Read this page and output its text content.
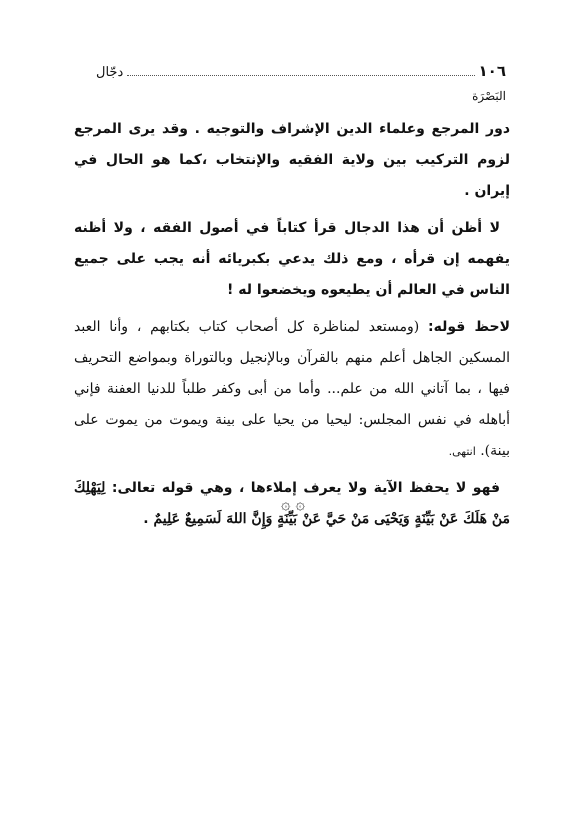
١٠٦
دجّال
البَصْرَة

دور المرجع وعلماء الدين الإشراف والتوجيه . وقد يرى المرجع لزوم التركيب بين ولاية الفقيه والإنتخاب ،كما هو الحال في إيران .

لا أظن أن هذا الدجال قرأ كتاباً في أصول الفقه ، ولا أظنه يفهمه إن قرأه ، ومع ذلك يدعي بكبريائه أنه يجب على جميع الناس في العالم أن يطيعوه ويخضعوا له !

لاحظ قوله: (ومستعد لمناظرة كل أصحاب كتاب بكتابهم ، وأنا العبد المسكين الجاهل أعلم منهم بالقرآن وبالإنجيل وبالتوراة وبمواضع التحريف فيها ، بما آتاني الله من علم... وأما من أبى وكفر طلباً للدنيا العفنة فإني أباهله في نفس المجلس: ليحيا من يحيا على بينة ويموت من يموت على بينة). انتهى.

فهو لا يحفظ الآية ولا يعرف إملاءها ، وهي قوله تعالى: لِيَهْلِكَ مَنْ هَلَكَ عَنْ بَيِّنَةٍ وَيَحْيَى مَنْ حَيَّ عَنْ بَيِّنَةٍ وَإِنَّ اللهَ لَسَمِيعٌ عَلِيمٌ .

۞ ۞
